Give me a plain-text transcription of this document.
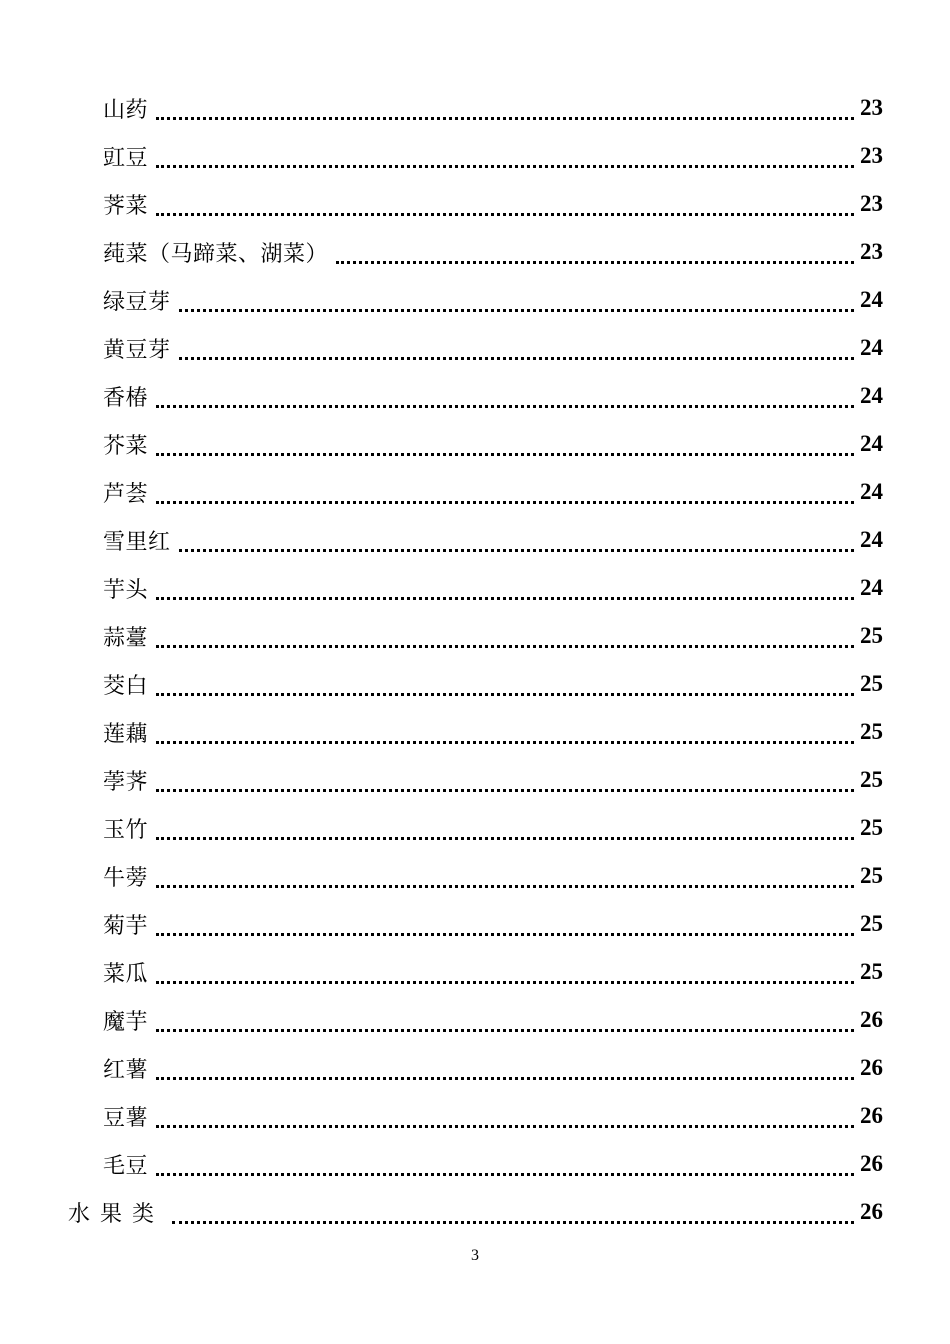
山药	23
豇豆	23
荠菜	23
莼菜（马蹄菜、湖菜）	23
绿豆芽	24
黄豆芽	24
香椿	24
芥菜	24
芦荟	24
雪里红	24
芋头	24
蒜薹	25
茭白	25
莲藕	25
荸荠	25
玉竹	25
牛蒡	25
菊芋	25
菜瓜	25
魔芋	26
红薯	26
豆薯	26
毛豆	26
水果类	26
3
